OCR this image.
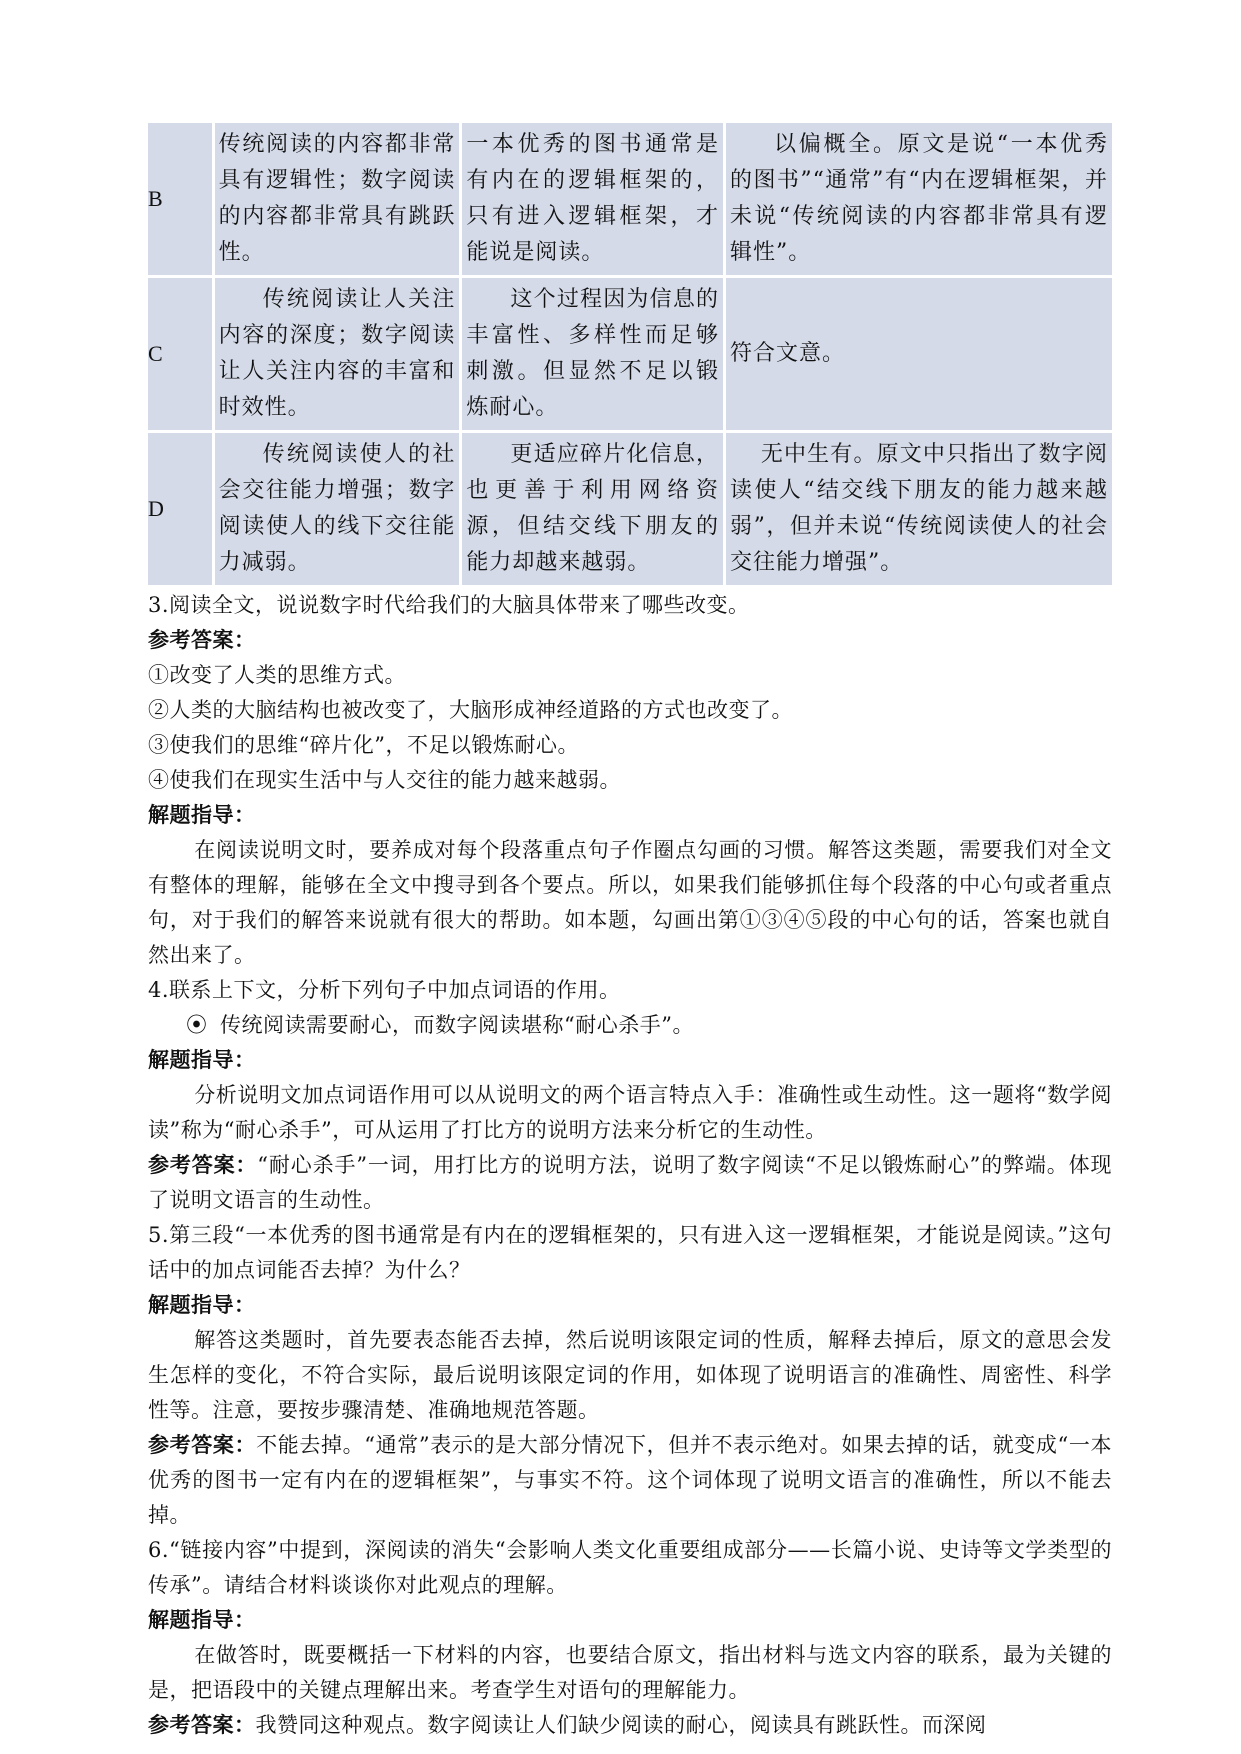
B	传统阅读的内容都非常具有逻辑性；数字阅读的内容都非常具有跳跃性。	一本优秀的图书通常是有内在的逻辑框架的，只有进入逻辑框架，才能说是阅读。	以偏概全。原文是说“一本优秀的图书”“通常”有“内在逻辑框架，并未说“传统阅读的内容都非常具有逻辑性”。

C	传统阅读让人关注内容的深度；数字阅读让人关注内容的丰富和时效性。	这个过程因为信息的丰富性、多样性而足够刺激。但显然不足以锻炼耐心。	符合文意。
D	传统阅读使人的社会交往能力增强；数字阅读使人的线下交往能力减弱。	更适应碎片化信息，也更善于利用网络资源，但结交线下朋友的能力却越来越弱。	无中生有。原文中只指出了数字阅读使人“结交线下朋友的能力越来越弱”，但并未说“传统阅读使人的社会交往能力增强”。
3.阅读全文，说说数字时代给我们的大脑具体带来了哪些改变。
参考答案：
①改变了人类的思维方式。
②人类的大脑结构也被改变了，大脑形成神经道路的方式也改变了。
③使我们的思维“碎片化”，不足以锻炼耐心。
④使我们在现实生活中与人交往的能力越来越弱。
解题指导：
在阅读说明文时，要养成对每个段落重点句子作圈点勾画的习惯。解答这类题，需要我们对全文有整体的理解，能够在全文中搜寻到各个要点。所以，如果我们能够抓住每个段落的中心句或者重点句，对于我们的解答来说就有很大的帮助。如本题，勾画出第①③④⑤段的中心句的话，答案也就自然出来了。
4.联系上下文，分析下列句子中加点词语的作用。
⦿ 传统阅读需要耐心，而数字阅读堪称“耐心杀手”。
解题指导：
分析说明文加点词语作用可以从说明文的两个语言特点入手：准确性或生动性。这一题将“数学阅读”称为“耐心杀手”，可从运用了打比方的说明方法来分析它的生动性。
参考答案：“耐心杀手”一词，用打比方的说明方法，说明了数字阅读“不足以锻炼耐心”的弊端。体现了说明文语言的生动性。
5.第三段“一本优秀的图书通常是有内在的逻辑框架的，只有进入这一逻辑框架，才能说是阅读。”这句话中的加点词能否去掉？为什么？
解题指导：
解答这类题时，首先要表态能否去掉，然后说明该限定词的性质，解释去掉后，原文的意思会发生怎样的变化，不符合实际，最后说明该限定词的作用，如体现了说明语言的准确性、周密性、科学性等。注意，要按步骤清楚、准确地规范答题。
参考答案：不能去掉。“通常”表示的是大部分情况下，但并不表示绝对。如果去掉的话，就变成“一本优秀的图书一定有内在的逻辑框架”，与事实不符。这个词体现了说明文语言的准确性，所以不能去掉。
6.“链接内容”中提到，深阅读的消失“会影响人类文化重要组成部分——长篇小说、史诗等文学类型的传承”。请结合材料谈谈你对此观点的理解。
解题指导：
在做答时，既要概括一下材料的内容，也要结合原文，指出材料与选文内容的联系，最为关键的是，把语段中的关键点理解出来。考查学生对语句的理解能力。
参考答案：我赞同这种观点。数字阅读让人们缺少阅读的耐心，阅读具有跳跃性。而深阅
